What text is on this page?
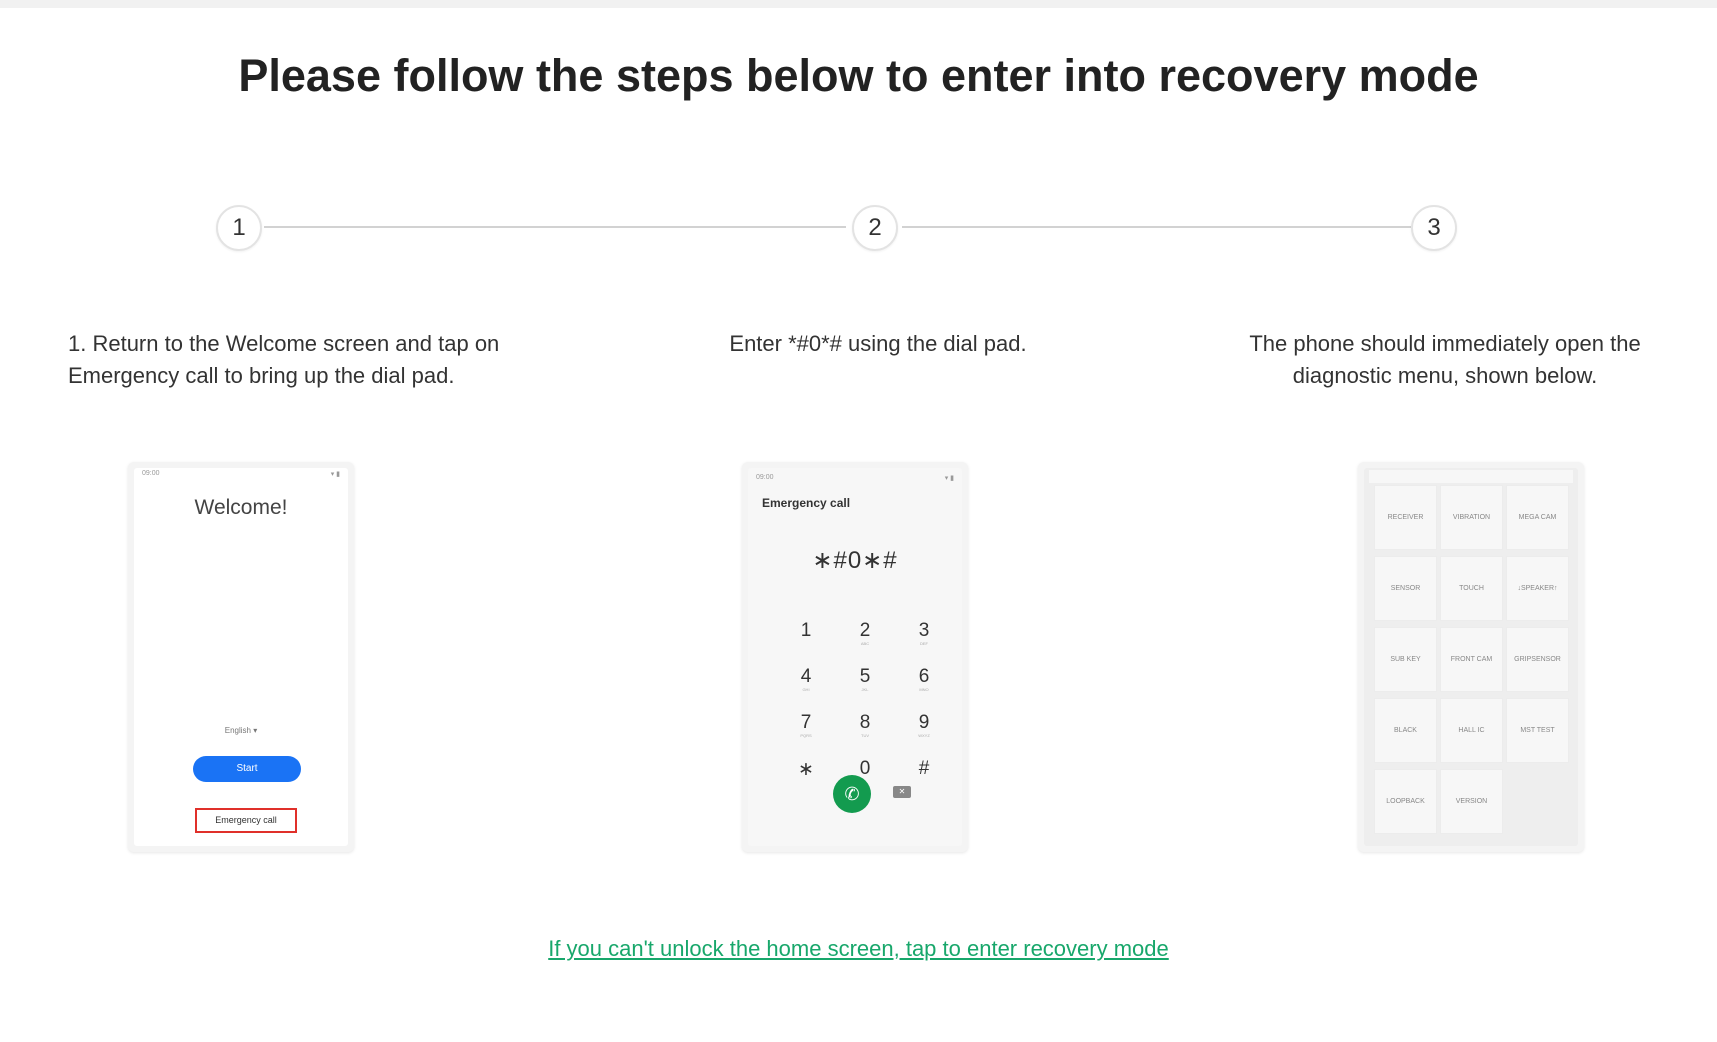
Please follow the steps below to enter into recovery mode
1	2	3
1. Return to the Welcome screen and tap on
Emergency call to bring up the dial pad.
Enter *#0*# using the dial pad.	The phone should immediately open the
diagnostic menu, shown below.
09:00	▾ ▮
Welcome!
English ▾
Start
Emergency call
09:00	▾ ▮
Emergency call
∗#0∗#
1	2
ABC
3
DEF
4
GHI
5
JKL
6
MNO
7
PQRS
8
TUV
9
WXYZ
∗	0	#
✆	✕
RECEIVER	VIBRATION	MEGA CAM
SENSOR	TOUCH	↓SPEAKER↑
SUB KEY	FRONT CAM	GRIPSENSOR
BLACK	HALL IC	MST TEST
LOOPBACK	VERSION
If you can't unlock the home screen, tap to enter recovery mode
